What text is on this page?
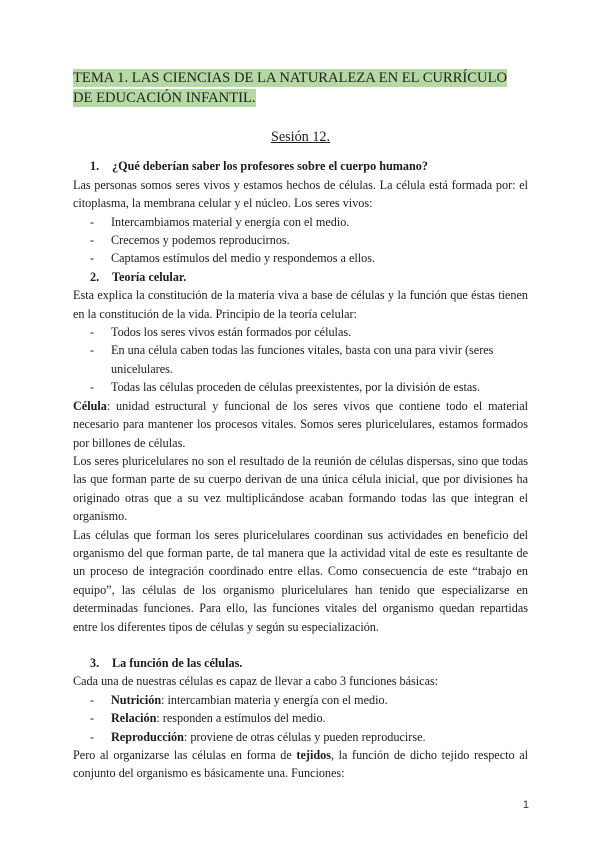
TEMA 1. LAS CIENCIAS DE LA NATURALEZA EN EL CURRÍCULO
DE EDUCACIÓN INFANTIL.
Sesión 12.
1.	¿Qué deberían saber los profesores sobre el cuerpo humano?

Las personas somos seres vivos y estamos hechos de células. La célula está formada por: el citoplasma, la membrana celular y el núcleo. Los seres vivos:

-	Intercambiamos material y energía con el medio.
-	Crecemos y podemos reproducirnos.
-	Captamos estímulos del medio y respondemos a ellos.
2.	Teoría celular.

Esta explica la constitución de la materia viva a base de células y la función que éstas tienen en la constitución de la vida. Principio de la teoría celular:

-	Todos los seres vivos están formados por células.
-	En una célula caben todas las funciones vitales, basta con una para vivir (seres unicelulares.
-	Todas las células proceden de células preexistentes, por la división de estas.

Célula: unidad estructural y funcional de los seres vivos que contiene todo el material necesario para mantener los procesos vitales. Somos seres pluricelulares, estamos formados por billones de células.

Los seres pluricelulares no son el resultado de la reunión de células dispersas, sino que todas las que forman parte de su cuerpo derivan de una única célula inicial, que por divisiones ha originado otras que a su vez multiplicándose acaban formando todas las que integran el organismo.

Las células que forman los seres pluricelulares coordinan sus actividades en beneficio del organismo del que forman parte, de tal manera que la actividad vital de este es resultante de un proceso de integración coordinado entre ellas. Como consecuencia de este “trabajo en equipo”, las células de los organismo pluricelulares han tenido que especializarse en determinadas funciones. Para ello, las funciones vitales del organismo quedan repartidas entre los diferentes tipos de células y según su especialización.

3.	La función de las células.

Cada una de nuestras células es capaz de llevar a cabo 3 funciones básicas:

-	Nutrición: intercambian materia y energía con el medio.
-	Relación: responden a estímulos del medio.
-	Reproducción: proviene de otras células y pueden reproducirse.

Pero al organizarse las células en forma de tejidos, la función de dicho tejido respecto al conjunto del organismo es básicamente una. Funciones:

1
